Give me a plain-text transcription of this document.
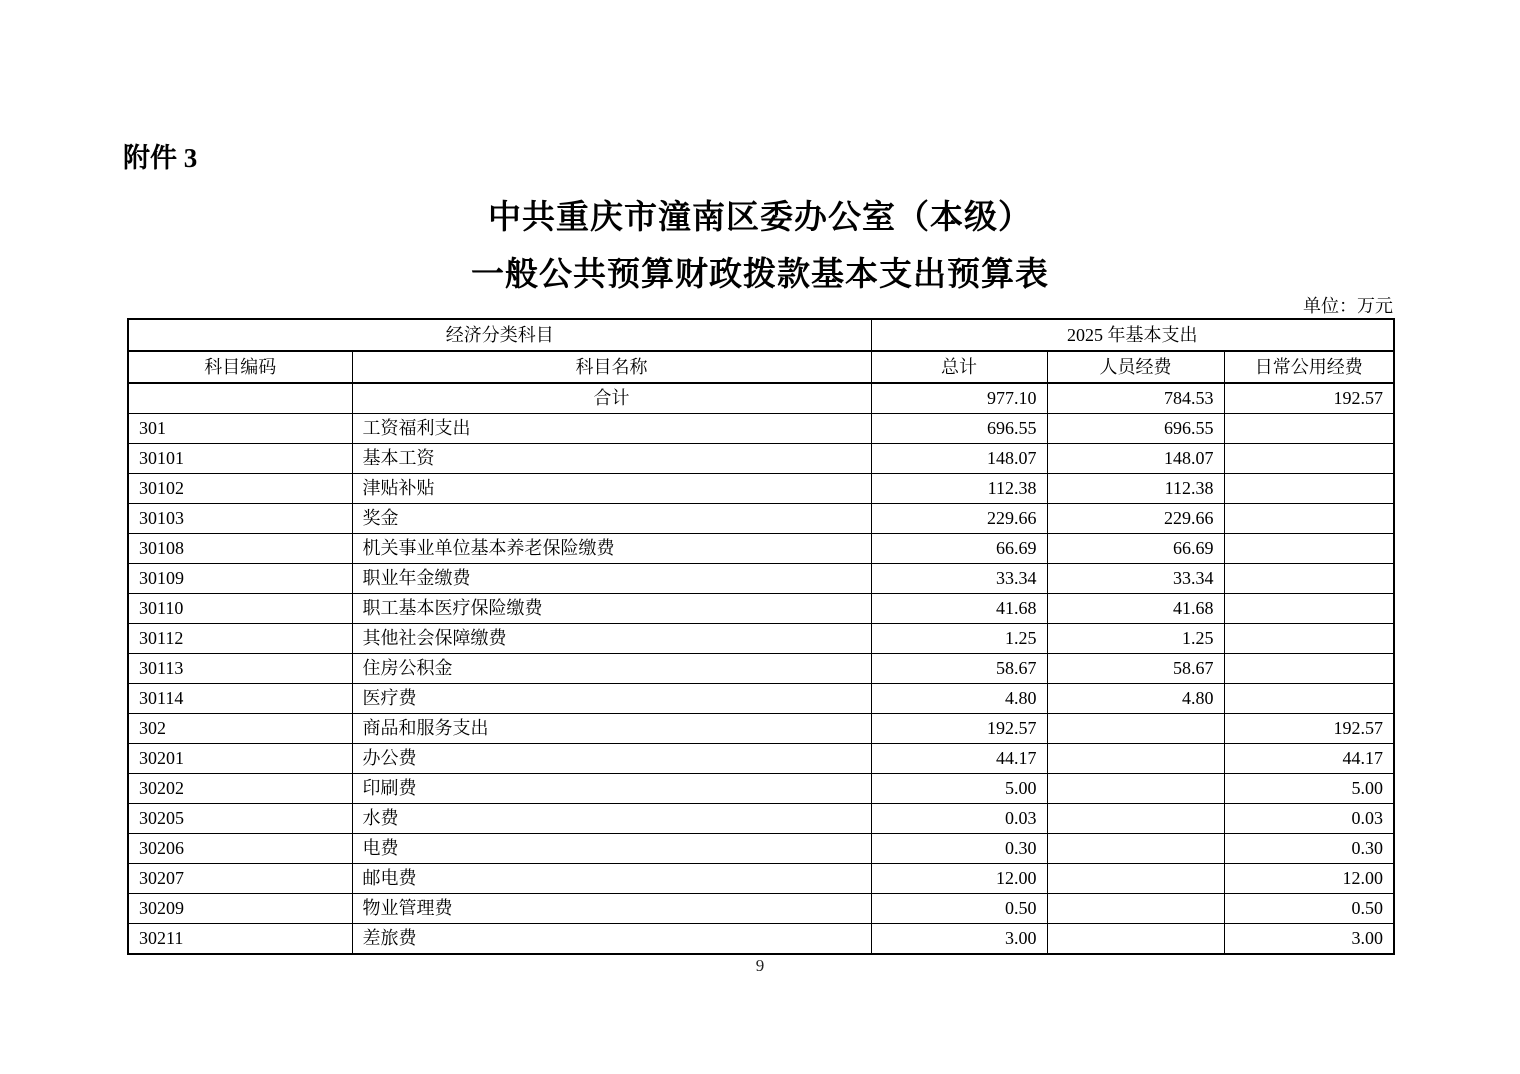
附件 3
中共重庆市潼南区委办公室（本级）
一般公共预算财政拨款基本支出预算表
单位：万元
经济分类科目		2025 年基本支出		
科目编码	科目名称	总计	人员经费	日常公用经费
	合计	977.10	784.53	192.57
301	工资福利支出	696.55	696.55	
30101	基本工资	148.07	148.07	
30102	津贴补贴	112.38	112.38	
30103	奖金	229.66	229.66	
30108	机关事业单位基本养老保险缴费	66.69	66.69	
30109	职业年金缴费	33.34	33.34	
30110	职工基本医疗保险缴费	41.68	41.68	
30112	其他社会保障缴费	1.25	1.25	
30113	住房公积金	58.67	58.67	
30114	医疗费	4.80	4.80	
302	商品和服务支出	192.57		192.57
30201	办公费	44.17		44.17
30202	印刷费	5.00		5.00
30205	水费	0.03		0.03
30206	电费	0.30		0.30
30207	邮电费	12.00		12.00
30209	物业管理费	0.50		0.50
30211	差旅费	3.00		3.00
9
